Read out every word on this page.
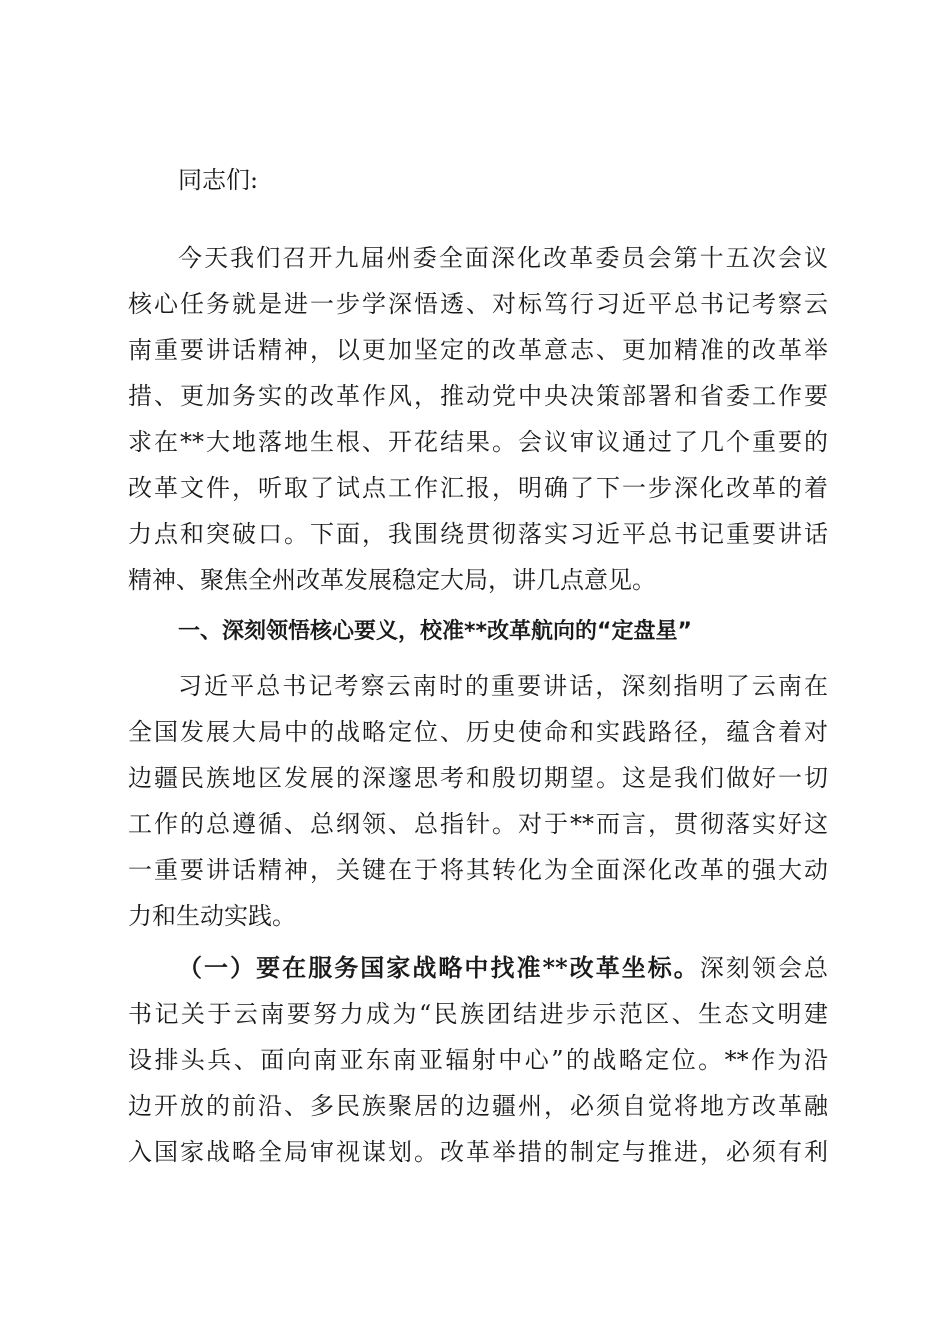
同志们:
今天我们召开九届州委全面深化改革委员会第十五次会议
核心任务就是进一步学深悟透、对标笃行习近平总书记考察云
南重要讲话精神，以更加坚定的改革意志、更加精准的改革举
措、更加务实的改革作风，推动党中央决策部署和省委工作要
求在**大地落地生根、开花结果。会议审议通过了几个重要的
改革文件，听取了试点工作汇报，明确了下一步深化改革的着
力点和突破口。下面，我围绕贯彻落实习近平总书记重要讲话
精神、聚焦全州改革发展稳定大局，讲几点意见。
一、深刻领悟核心要义，校准**改革航向的“定盘星”
习近平总书记考察云南时的重要讲话，深刻指明了云南在
全国发展大局中的战略定位、历史使命和实践路径，蕴含着对
边疆民族地区发展的深邃思考和殷切期望。这是我们做好一切
工作的总遵循、总纲领、总指针。对于**而言，贯彻落实好这
一重要讲话精神，关键在于将其转化为全面深化改革的强大动
力和生动实践。
（一）要在服务国家战略中找准**改革坐标。深刻领会总
书记关于云南要努力成为“民族团结进步示范区、生态文明建
设排头兵、面向南亚东南亚辐射中心”的战略定位。**作为沿
边开放的前沿、多民族聚居的边疆州，必须自觉将地方改革融
入国家战略全局审视谋划。改革举措的制定与推进，必须有利
